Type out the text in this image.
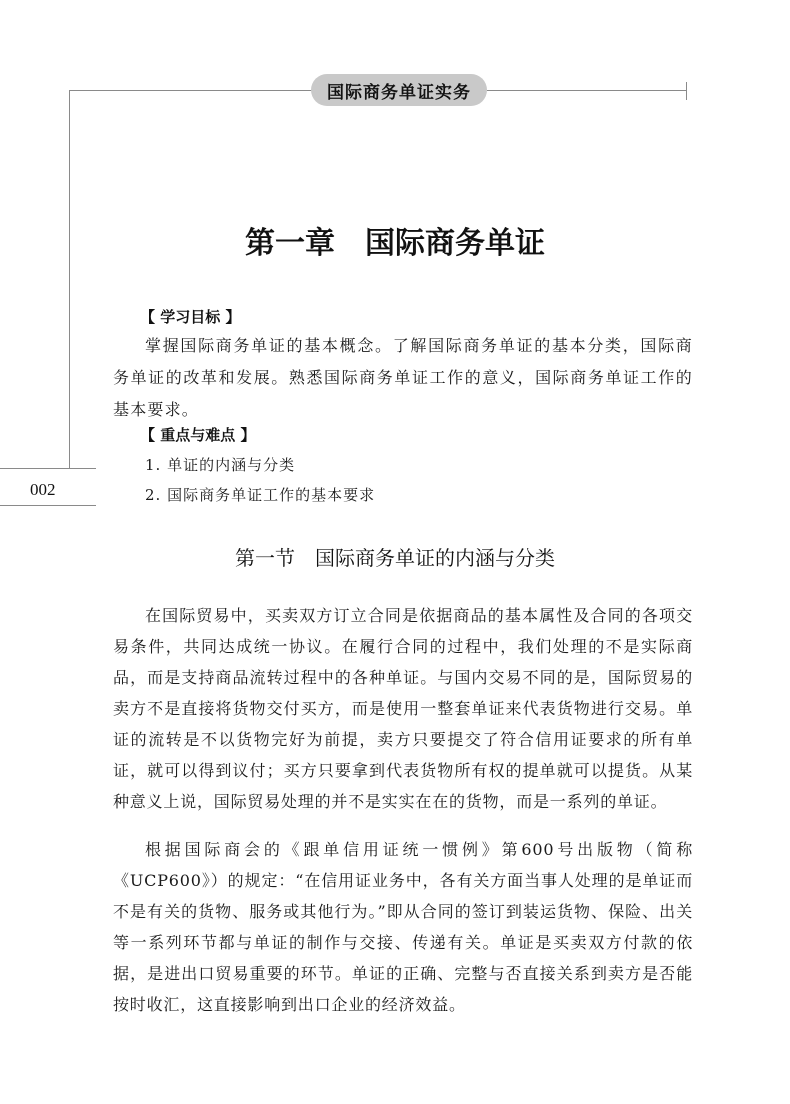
国际商务单证实务
002
第一章　国际商务单证
【 学习目标 】
掌握国际商务单证的基本概念。了解国际商务单证的基本分类，国际商务单证的改革和发展。熟悉国际商务单证工作的意义，国际商务单证工作的基本要求。
【 重点与难点 】
1. 单证的内涵与分类
2. 国际商务单证工作的基本要求
第一节　国际商务单证的内涵与分类
在国际贸易中，买卖双方订立合同是依据商品的基本属性及合同的各项交易条件，共同达成统一协议。在履行合同的过程中，我们处理的不是实际商品，而是支持商品流转过程中的各种单证。与国内交易不同的是，国际贸易的卖方不是直接将货物交付买方，而是使用一整套单证来代表货物进行交易。单证的流转是不以货物完好为前提，卖方只要提交了符合信用证要求的所有单证，就可以得到议付；买方只要拿到代表货物所有权的提单就可以提货。从某种意义上说，国际贸易处理的并不是实实在在的货物，而是一系列的单证。
根据国际商会的《跟单信用证统一惯例》第600号出版物（简称《UCP600》）的规定：“在信用证业务中，各有关方面当事人处理的是单证而不是有关的货物、服务或其他行为。”即从合同的签订到装运货物、保险、出关等一系列环节都与单证的制作与交接、传递有关。单证是买卖双方付款的依据，是进出口贸易重要的环节。单证的正确、完整与否直接关系到卖方是否能按时收汇，这直接影响到出口企业的经济效益。
